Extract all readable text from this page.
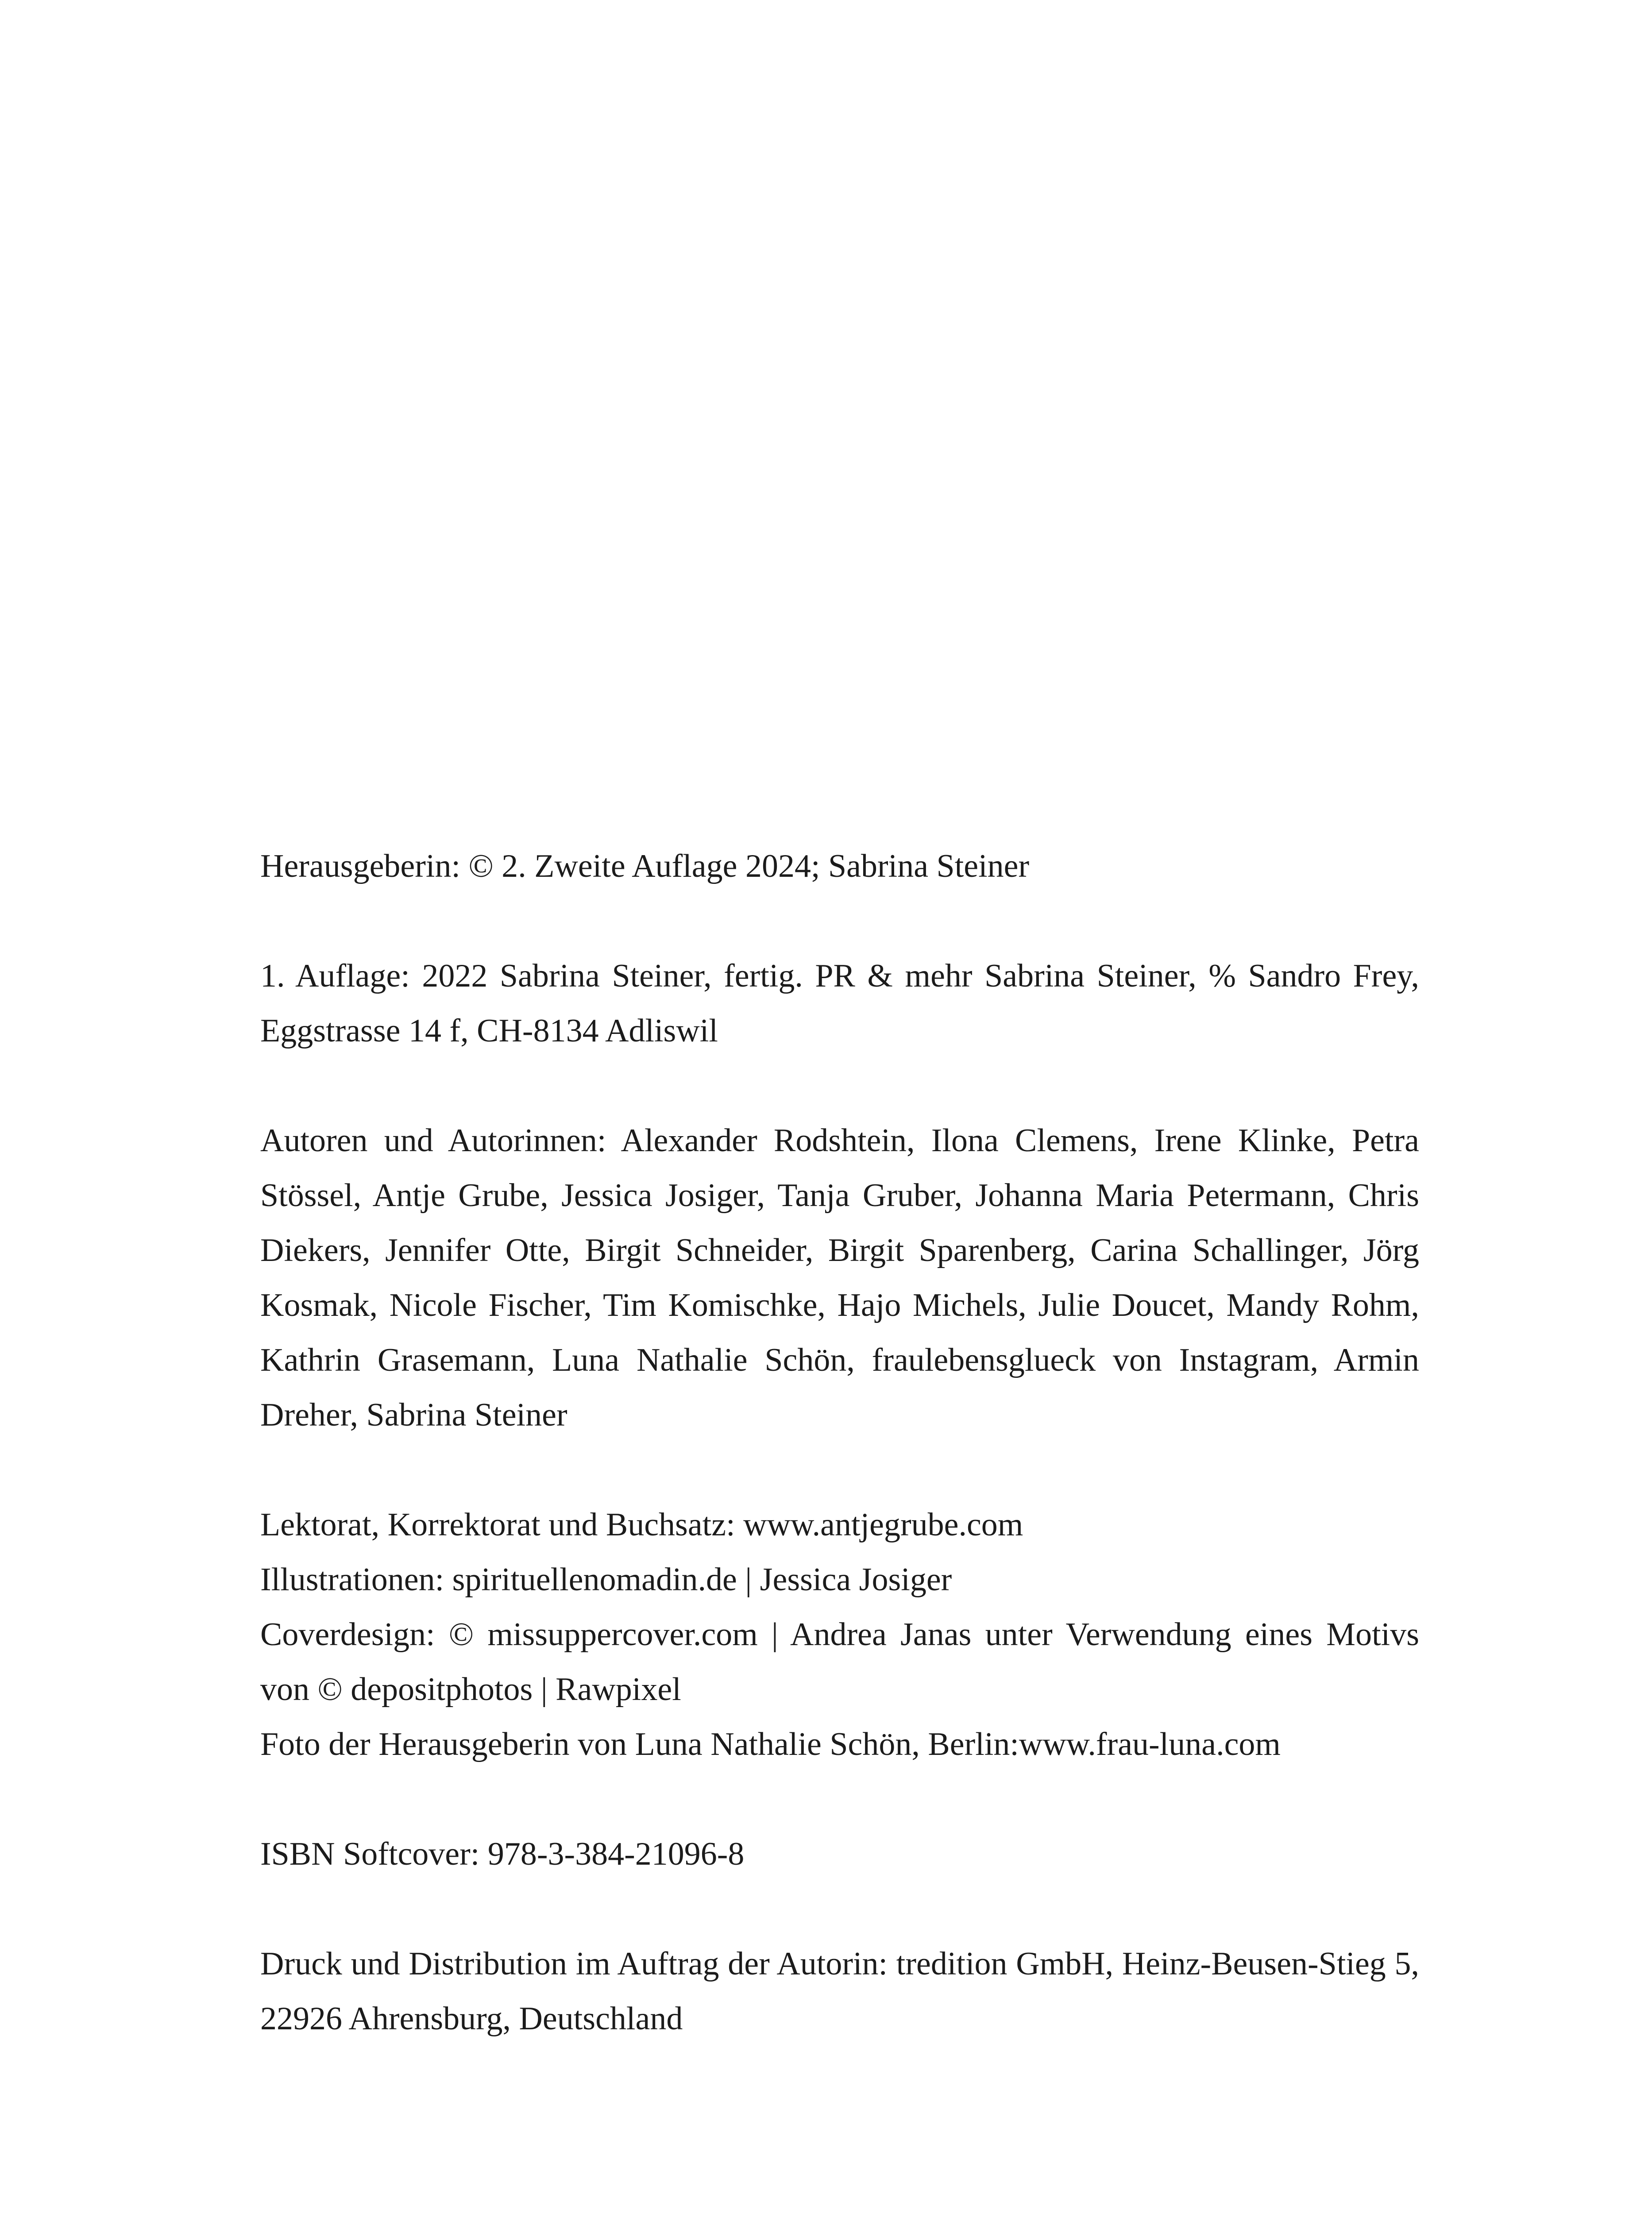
Herausgeberin: © 2. Zweite Auflage 2024; Sabrina Steiner

1. Auflage: 2022 Sabrina Steiner, fertig. PR & mehr Sabrina Steiner, % Sandro Frey, Eggstrasse 14 f, CH-8134 Adliswil

Autoren und Autorinnen: Alexander Rodshtein, Ilona Clemens, Irene Klinke, Petra Stössel, Antje Grube, Jessica Josiger, Tanja Gruber, Johanna Maria Petermann, Chris Diekers, Jennifer Otte, Birgit Schneider, Birgit Sparenberg, Carina Schallinger, Jörg Kosmak, Nicole Fischer, Tim Komischke, Hajo Michels, Julie Doucet, Mandy Rohm, Kathrin Grasemann, Luna Nathalie Schön, fraulebensglueck von Instagram, Armin Dreher, Sabrina Steiner

Lektorat, Korrektorat und Buchsatz: www.antjegrube.com

Illustrationen: spirituellenomadin.de | Jessica Josiger

Coverdesign: © missuppercover.com | Andrea Janas unter Verwendung eines Motivs von © depositphotos | Rawpixel

Foto der Herausgeberin von Luna Nathalie Schön, Berlin:www.frau-luna.com

ISBN Softcover: 978-3-384-21096-8

Druck und Distribution im Auftrag der Autorin: tredition GmbH, Heinz-Beusen-Stieg 5, 22926 Ahrensburg, Deutschland
